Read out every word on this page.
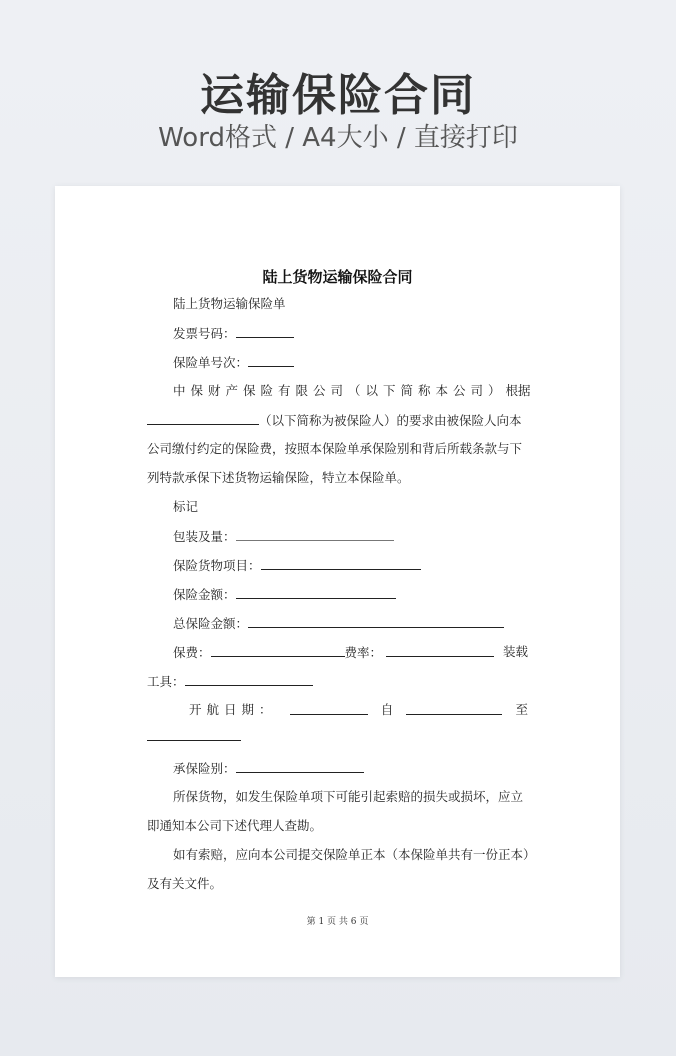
运输保险合同
Word格式 / A4大小 / 直接打印
陆上货物运输保险合同
陆上货物运输保险单
发票号码：
保险单号次：
中保财产保险有限公司（以下简称本公司） 根据
（以下简称为被保险人）的要求由被保险人向本
公司缴付约定的保险费，按照本保险单承保险别和背后所载条款与下
列特款承保下述货物运输保险，特立本保险单。
标记
包装及量：
保险货物项目：
保险金额：
总保险金额：
保费：	费率：	装载
工具：
开航日期：	自	至
承保险别：
所保货物，如发生保险单项下可能引起索赔的损失或损坏，应立
即通知本公司下述代理人查勘。
如有索赔，应向本公司提交保险单正本（本保险单共有一份正本）
及有关文件。
第 1 页 共 6 页
